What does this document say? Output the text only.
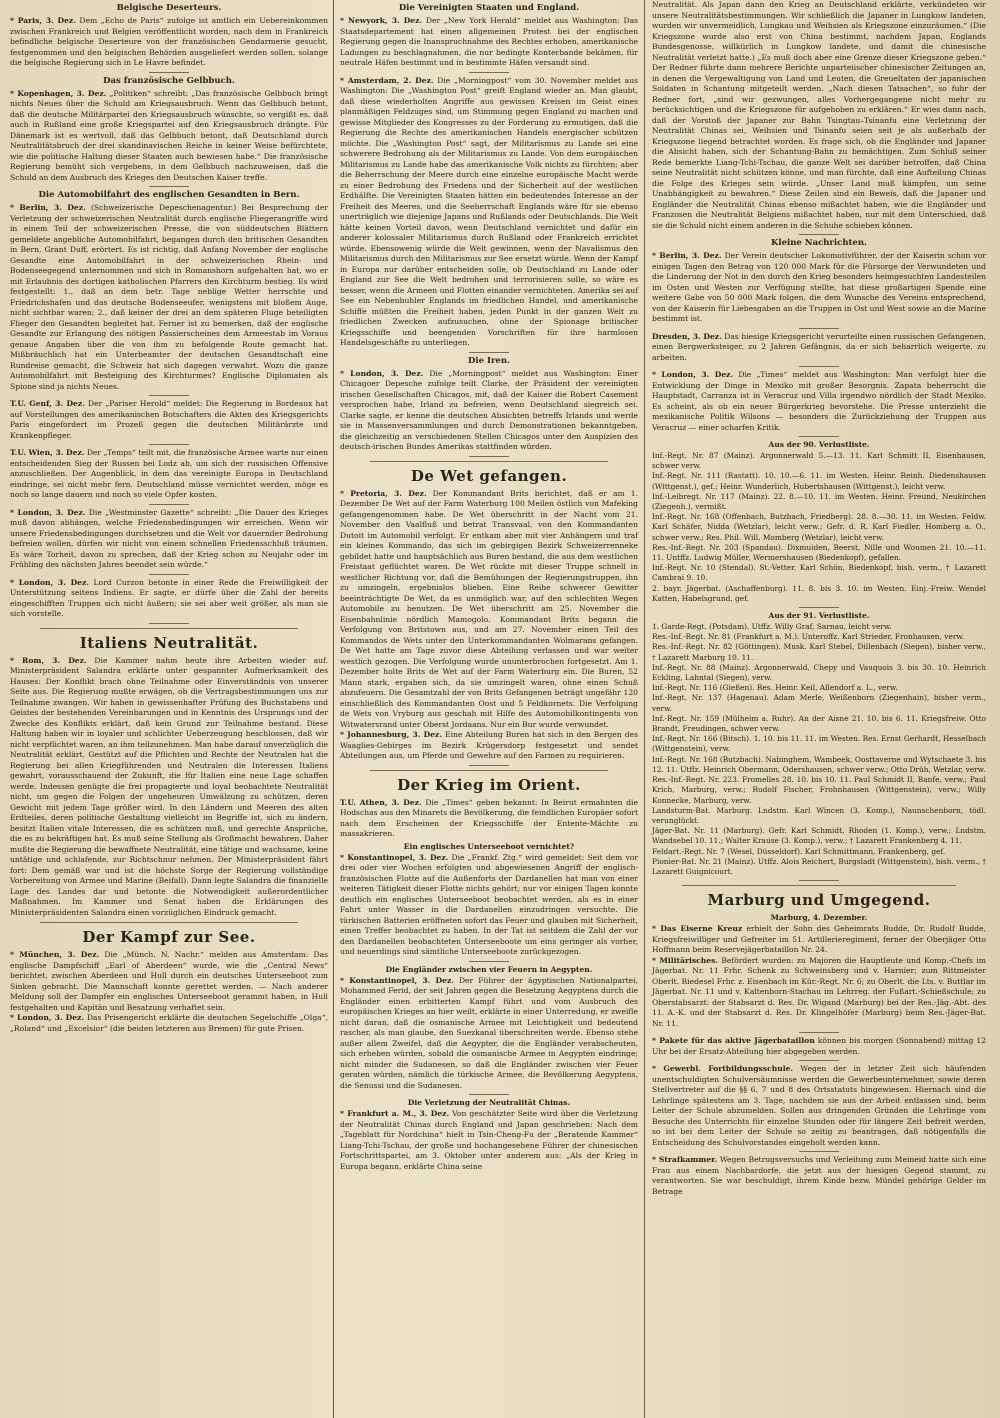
Belgische Deserteurs.

* Paris, 3. Dez. Dem „Echo de Paris“ zufolge ist amtlich ein Uebereinkommen zwischen Frankreich und Belgien veröffentlicht worden, nach dem in Frankreich befindliche belgische Deserteure von der französischen Gendarmerie gesucht, festgenommen und den belgischen Behörden ausgeliefert werden sollen, solange die belgische Regierung sich in Le Havre befindet.

Das französische Gelbbuch.

* Kopenhagen, 3. Dez. „Politiken“ schreibt: „Das französische Gelbbuch bringt nichts Neues über die Schuld am Kriegsausbruch. Wenn das Gelbbuch betont, daß die deutsche Militärpartei den Kriegsausbruch wünschte, so vergißt es, daß auch in Rußland eine große Kriegspartei auf den Kriegsausbruch drängte. Für Dänemark ist es wertvoll, daß das Gelbbuch betont, daß Deutschland durch Neutralitätsbruch der drei skandinavischen Reiche in keiner Weise befürchtete, wie die politische Haltung dieser Staaten auch bewiesen habe.“ Die französische Regierung bemüht sich vergebens, in dem Gelbbuch nachzuweisen, daß die Schuld an dem Ausbruch des Krieges den Deutschen Kaiser treffe.

Die Automobilfahrt des englischen Gesandten in Bern.

* Berlin, 3. Dez. (Schweizerische Depeschenagentur.) Bei Besprechung der Verletzung der schweizerischen Neutralität durch englische Fliegerangriffe wird in einem Teil der schweizerischen Presse, die von süddeutschen Blättern gemeldete angebliche Automobilfahrt, begangen durch den britischen Gesandten in Bern, Grant Duff, erörtert. Es ist richtig, daß Anfang November der englische Gesandte eine Automobilfahrt in der schweizerischen Rhein- und Bodenseegegend unternommen und sich in Romanshorn aufgehalten hat, wo er mit Erlaubnis des dortigen katholischen Pfarrers den Kirchturm bestieg. Es wird festgestellt: 1., daß an dem betr. Tage neblige Wetter herrschte und Friedrichshafen und das deutsche Bodenseeufer, wenigstens mit bloßem Auge, nicht sichtbar waren; 2., daß keiner der drei an dem späteren Fluge beteiligten Flieger den Gesandten begleitet hat. Ferner ist zu bemerken, daß der englische Gesandte zur Erlangung des nötigen Passierscheines dem Armeestab im Voraus genaue Angaben über die von ihm zu befolgende Route gemacht hat. Mißbräuchlich hat ein Unterbeamter der deutschen Gesandtschaft eine Rundreise gemacht, die Schweiz hat sich dagegen verwahrt. Wozu die ganze Automobilfahrt mit Besteigung des Kirchturmes? Englische Diplomaten als Spione sind ja nichts Neues.

T.U. Genf, 3. Dez. Der „Pariser Herold“ meldet: Die Regierung in Bordeaux hat auf Vorstellungen des amerikanischen Botschafters die Akten des Kriegsgerichts Paris eingefordert im Prozeß gegen die deutschen Militärärzte und Krankenpfleger.

T.U. Wien, 3. Dez. Der „Temps“ teilt mit, die französische Armee warte nur einen entscheidenden Sieg der Russen bei Lodz ab, um sich der russischen Offensive anzuschließen. Der Augenblick, in dem das vereinigte Europa in Deutschland eindringe, sei nicht mehr fern. Deutschland müsse vernichtet werden, möge es noch so lange dauern und noch so viele Opfer kosten.

* London, 3. Dez. Die „Westminster Gazette“ schreibt: „Die Dauer des Krieges muß davon abhängen, welche Friedensbedingungen wir erreichen. Wenn wir unsere Friedensbedingungen durchsetzen und die Welt vor dauernder Bedrohung befreien wollen, dürfen wir nicht von einem schnellen Friedensschluß träumen. Es wäre Torheit, davon zu sprechen, daß der Krieg schon zu Neujahr oder im Frühling des nächsten Jahres beendet sein würde.“

* London, 3. Dez. Lord Curzon betonte in einer Rede die Freiwilligkeit der Unterstützung seitens Indiens. Er sagte, er dürfe über die Zahl der bereits eingeschifften Truppen sich nicht äußern; sie sei aber weit größer, als man sie sich vorstelle.

Italiens Neutralität.

* Rom, 3. Dez. Die Kammer nahm heute ihre Arbeiten wieder auf. Ministerpräsident Salandra erklärte unter gespannter Aufmerksamkeit des Hauses: Der Konflikt brach ohne Teilnahme oder Einverständnis von unserer Seite aus. Die Regierung mußte erwägen, ob die Vertragsbestimmungen uns zur Teilnahme zwangen. Wir haben in gewissenhafter Prüfung des Buchstabens und Geistes der bestehenden Vereinbarungen und in Kenntnis des Ursprungs und der Zwecke des Konflikts erklärt, daß kein Grund zur Teilnahme bestand. Diese Haltung haben wir in loyaler und schlichter Ueberzeugung beschlossen, daß wir nicht verpflichtet waren, an ihm teilzunehmen. Man habe darauf unverzüglich die Neutralität erklärt. Gestützt auf die Pflichten und Rechte der Neutralen hat die Regierung bei allen Kriegführenden und Neutralen die Interessen Italiens gewahrt, vorausschauend der Zukunft, die für Italien eine neue Lage schaffen werde. Indessen genügte die frei propagierte und loyal beobachtete Neutralität nicht, um gegen die Folgen der ungeheuren Umwälzung zu schützen, deren Gewicht mit jedem Tage größer wird. In den Ländern und Meeren des alten Erdteiles, deren politische Gestaltung vielleicht im Begriffe ist, sich zu ändern, besitzt Italien vitale Interessen, die es schützen muß, und gerechte Ansprüche, die es zu bekräftigen hat. Es muß seine Stellung als Großmacht bewahren. Daher mußte die Regierung die bewaffnete Neutralität, eine tätige und wachsame, keine untätige und schlafende, zur Richtschnur nehmen. Der Ministerpräsident fährt fort: Dem gemäß war und ist die höchste Sorge der Regierung vollständige Vorbereitung von Armee und Marine (Beifall). Dann legte Salandra die finanzielle Lage des Landes dar und betonte die Notwendigkeit außerordentlicher Maßnahmen. Im Kammer und Senat haben die Erklärungen des Ministerpräsidenten Salandra einen vorzüglichen Eindruck gemacht.

Der Kampf zur See.

* München, 3. Dez. Die „Münch. N. Nachr.“ melden aus Amsterdam: Das englische Dampfschiff „Earl of Aberdeen“ wurde, wie die „Central News“ berichtet, zwischen Aberdeen und Hull durch ein deutsches Unterseeboot zum Sinken gebracht. Die Mannschaft konnte gerettet werden. — Nach anderer Meldung soll der Dampfer ein englisches Unterseeboot gerammt haben, in Hull festgehalten und Kapitän und Besatzung verhaftet sein.

* London, 3. Dez. Das Prisengericht erklärte die deutschen Segelschiffe „Olga“, „Roland“ und „Excelsior“ (die beiden letzteren aus Bremen) für gute Prisen.

Die Vereinigten Staaten und England.

* Newyork, 3. Dez. Der „New York Herald“ meldet aus Washington: Das Staatsdepartement hat einen allgemeinen Protest bei der englischen Regierung gegen die Inanspruchnahme des Rechtes erhoben, amerikanische Ladungen zu beschlagnahmen, die nur bedingte Konterbande bekämen, für neutrale Häfen bestimmt und in bestimmte Häfen versandt sind.

* Amsterdam, 2. Dez. Die „Morningpost“ vom 30. November meldet aus Washington: Die „Washington Post“ greift England wieder an. Man glaubt, daß diese wiederholten Angriffe aus gewissen Kreisen im Geist eines planmäßigen Feldzuges sind, um Stimmung gegen England zu machen und gewisse Mitglieder des Kongresses zu der Forderung zu ermutigen, daß die Regierung die Rechte des amerikanischen Handels energischer schützen möchte. Die „Washington Post“ sagt, der Militarismus zu Lande sei eine schwerere Bedrohung als der Militarismus zu Lande. Von dem europäischen Militarismus zu Lande habe das amerikanische Volk nichts zu fürchten; aber die Beherrschung der Meere durch eine einzelne europäische Macht werde zu einer Bedrohung des Friedens und der Sicherheit auf der westlichen Erdhälfte. Die Vereinigten Staaten hätten ein bedeutendes Interesse an der Freiheit des Meeres, und die Seeherrschaft Englands wäre für sie ebenso unerträglich wie diejenige Japans und Rußlands oder Deutschlands. Die Welt hätte keinen Vorteil davon, wenn Deutschland vernichtet und dafür ein anderer kolossaler Militarismus durch Rußland oder Frankreich errichtet würde. Ebensowenig würde die Welt gewinnen, wenn der Navalismus den Militarismus durch den Militarismus zur See ersetzt würde. Wenn der Kampf in Europa nur darüber entscheiden solle, ob Deutschland zu Lande oder England zur See die Welt bedrohen und terrorisieren solle, so wäre es besser, wenn die Armeen und Flotten einander vernichteten. Amerika sei auf See ein Nebenbuhler Englands im friedlichen Handel, und amerikanische Schiffe müßten die Freiheit haben, jeden Punkt in der ganzen Welt zu friedlichen Zwecken aufzusuchen, ohne der Spionage britischer Kriegsschiffe und beengenden Vorschriften für ihre harmlosen Handelsgeschäfte zu unterliegen.

Die Iren.

* London, 3. Dez. Die „Morningpost“ meldet aus Washington: Einer Chicagoer Depesche zufolge teilt Clarke, der Präsident der vereinigten irischen Gesellschaften Chicagos, mit, daß der Kaiser die Robert Casement versprochen habe, Irland zu befreien, wenn Deutschland siegreich sei. Clarke sagte, er kenne die deutschen Absichten betreffs Irlands und werde sie in Massenversammlungen und durch Demonstrationen bekanntgeben, die gleichzeitig an verschiedenen Stellen Chicagos unter den Auspizien des deutsch-irischen Bundes Amerikas stattfinden würden.

De Wet gefangen.

* Pretoria, 3. Dez. Der Kommandant Brits berichtet, daß er am 1. Dezember De Wet auf der Farm Waterburg 100 Meilen östlich von Mafeking gefangengenommen habe. De Wet überschritt in der Nacht vom 21. November den Vaalfluß und betrat Transvaal, von den Kommandanten Dutoit im Automobil verfolgt. Er entkam aber mit vier Anhängern und traf ein kleines Kommando, das sich im gebirgigen Bezirk Schweizerrenneke gebildet hatte und hauptsächlich aus Buren bestand, die aus dem westlichen Freistaat geflüchtet waren. De Wet rückte mit dieser Truppe schnell in westlicher Richtung vor, daß die Bemühungen der Regierungstruppen, ihn zu umzingeln, ergebnislos blieben. Eine Reihe schwerer Gewitter beeinträchtigte De Wet, da es unmöglich war, auf den schlechten Wegen Automobile zu benutzen. De Wet überschritt am 25. November die Eisenbahnlinie nördlich Mamogolo. Kommandant Brits begann die Verfolgung von Britstown aus, und am 27. November einen Teil des Kommandos de Wets unter den Unterkommandanten Wolmarans gefangen. De Wet hatte am Tage zuvor diese Abteilung verlassen und war weiter westlich gezogen. Die Verfolgung wurde ununterbrochen fortgesetzt. Am 1. Dezember holte Brits de Wet auf der Farm Waterburg ein. Die Buren, 52 Mann stark, ergaben sich, da sie umzingelt waren, ohne einen Schuß abzufeuern. Die Gesamtzahl der von Brits Gefangenen beträgt ungefähr 120 einschließlich des Kommandanten Oost und 5 Feldkornets. Die Verfolgung de Wets von Vryburg aus geschah mit Hilfe des Automobilkontingents von Witwatersrand unter Oberst Jordaans. Nur ein Bur wurde verwundet.

* Johannesburg, 3. Dez. Eine Abteilung Buren hat sich in den Bergen des Waaglies-Gebirges im Bezirk Krügersdorp festgesetzt und sendet Abteilungen aus, um Pferde und Gewehre auf den Farmen zu requirieren.

Der Krieg im Orient.

T.U. Athen, 3. Dez. Die „Times“ geben bekannt: In Beirut ermahnten die Hodschas aus den Minarets die Bevölkerung, die feindlichen Europäer sofort nach dem Erscheinen der Kriegsschiffe der Entente-Mächte zu massakrieren.

Ein englisches Unterseeboot vernichtet?

* Konstantinopel, 3. Dez. Die „Frankf. Ztg.“ wird gemeldet: Seit dem vor drei oder vier Wochen erfolgten und abgewiesenen Angriff der englisch-französischen Flotte auf die Außenforts der Dardanellen hat man von einer weiteren Tätigkeit dieser Flotte nichts gehört; nur vor einigen Tagen konnte deutlich ein englisches Unterseeboot beobachtet werden, als es in einer Fahrt unter Wasser in die Dardanellen einzudringen versuchte. Die türkischen Batterien eröffneten sofort das Feuer und glauben mit Sicherheit, einen Treffer beobachtet zu haben. In der Tat ist seitdem die Zahl der vor den Dardanellen beobachteten Unterseeboote um eins geringer als vorher, und neuerdings sind sämtliche Unterseeboote zurückgezogen.

Die Engländer zwischen vier Feuern in Aegypten.

* Konstantinopel, 3. Dez. Der Führer der ägyptischen Nationalpartei, Mohammed Ferid, der seit Jahren gegen die Besetzung Aegyptens durch die Engländer einen erbitterten Kampf führt und vom Ausbruch des europäischen Krieges an hier weilt, erklärte in einer Unterredung, er zweifle nicht daran, daß die osmanische Armee mit Leichtigkeit und bedeutend rascher, als man glaube, den Suezkanal überschreiten werde. Ebenso stehe außer allem Zweifel, daß die Aegypter, die die Engländer verabscheuten, sich erheben würden, sobald die osmanische Armee in Aegypten eindringe; nicht minder die Sudanesen, so daß die Engländer zwischen vier Feuer geraten würden, nämlich die türkische Armee, die Bevölkerung Aegyptens, die Senussi und die Sudanesen.

Die Verletzung der Neutralität Chinas.

* Frankfurt a. M., 3. Dez. Von geschätzter Seite wird über die Verletzung der Neutralität Chinas durch England und Japan geschrieben: Nach dem „Tageblatt für Nordchina“ hielt in Tsin-Cheng-Fu der „Beratende Kammer“ Liang-Tchi-Tschau, der große und hochangesehene Führer der chinesischen Fortschrittspartei, am 3. Oktober unter anderem aus: „Als der Krieg in Europa begann, erklärte China seine

Neutralität. Als Japan dann den Krieg an Deutschland erklärte, verkündeten wir unsere Neutralitätsbestimmungen. Wir schließlich die Japaner in Lungkow landeten, wurden wir unvermeidlich, Lungkau und Weihsien als Kriegszone einzuräumen.“ (Die Kriegszone wurde also erst von China bestimmt, nachdem Japan, Englands Bundesgenosse, willkürlich in Lungkow landete, und damit die chinesische Neutralität verletzt hatte.) „Es muß doch aber eine Grenze dieser Kriegszone geben.“ Der Redner führte dann mehrere Berichte unparteiischer chinesischer Zeitungen an, in denen die Vergewaltigung von Land und Leuten, die Greueltaten der japanischen Soldaten in Schantung mitgeteilt werden. „Nach diesen Tatsachen“, so fuhr der Redner fort, „sind wir gezwungen, alles Vorhergegangene nicht mehr zu berücksichtigen und die Kriegszone für aufgehoben zu erklären.“ Er wies dann nach, daß der Vorstoß der Japaner zur Bahn Tsingtau–Tsinanfu eine Verletzung der Neutralität Chinas sei, Weihsien und Tsinanfu seien seit je als außerhalb der Kriegszone liegend betrachtet worden. Es frage sich, ob die Engländer und Japaner die Absicht haben, sich der Schantung-Bahn zu bemächtigen. Zum Schluß seiner Rede bemerkte Liang-Tchi-Tschau, die ganze Welt sei darüber betroffen, daß China seine Neutralität nicht schützen könne, und man fürchte, daß eine Aufteilung Chinas die Folge des Krieges sein würde. „Unser Land muß kämpfen, um seine Unabhängigkeit zu bewahren.“ Diese Zeilen sind ein Beweis, daß die Japaner und Engländer die Neutralität Chinas ebenso mißachtet haben, wie die Engländer und Franzosen die Neutralität Belgiens mißachtet haben, nur mit dem Unterschied, daß sie die Schuld nicht einem anderen in die Schuhe schieben können.

Kleine Nachrichten.

* Berlin, 3. Dez. Der Verein deutscher Lokomotivführer, der der Kaiserin schon vor einigen Tagen den Betrag von 120 000 Mark für die Fürsorge der Verwundeten und die Linderung der Not in den durch den Krieg besonders heimgesuchten Landesteilen im Osten und Westen zur Verfügung stellte, hat diese großartigen Spende eine weitere Gabe von 50 000 Mark folgen, die dem Wunsche des Vereins entsprechend, von der Kaiserin für Liebesgaben an die Truppen in Ost und West sowie an die Marine bestimmt ist.

Dresden, 3. Dez. Das hiesige Kriegsgericht verurteilte einen russischen Gefangenen, einen Bergwerksteiger, zu 2 Jahren Gefängnis, da er sich beharrlich weigerte, zu arbeiten.

* London, 3. Dez. Die „Times“ meldet aus Washington: Man verfolgt hier die Entwicklung der Dinge in Mexiko mit großer Besorgnis. Zapata beherrscht die Hauptstadt, Carranza ist in Veracruz und Villa irgendwo nördlich der Stadt Mexiko. Es scheint, als ob ein neuer Bürgerkrieg bevorstehe. Die Presse unterzieht die mexikanische Politik Wilsons — besonders die Zurückziehung der Truppen aus Veracruz — einer scharfen Kritik.

Aus der 90. Verlustliste.
Inf.-Regt. Nr. 87 (Mainz). Argonnerwald 5.—13. 11. Karl Schmitt II, Eisenhausen, schwer verw.
Inf.-Regt. Nr. 111 (Rastatt). 10. 10.—6. 11. im Westen. Heinr. Reinh. Diedenshausen (Wittgenst.), gef.; Heinr. Wunderlich, Hubertshausen (Wittgenst.), leicht verw.
Inf.-Leibregt. Nr. 117 (Mainz). 22. 8.—10. 11. im Westen. Heinr. Freund, Neukirchen (Ziegenh.), vermißt.
Inf.-Regt. Nr. 168 (Offenbach, Butzbach, Friedberg). 28. 8.—30. 11. im Westen. Feldw. Karl Schäfer, Nidda (Wetzlar), leicht verw.; Gefr. d. R. Karl Fiedler, Homberg a. O., schwer verw.; Res. Phil. Will, Momberg (Wetzlar), leicht verw.
Res.-Inf.-Regt. Nr. 203 (Spandau). Dixmuiden, Beerst, Nille und Woumen 21. 10.—11. 11. Untffz. Ludwig Müller, Wermershausen (Biedenkopf), gefallen.
Inf.-Regt. Nr. 10 (Stendal). St.-Vetter. Karl Schön, Biedenkopf, bish. verm., † Lazarett Cambrai 9. 10.
2. bayr. Jägerbat. (Aschaffenburg). 11. 8. bis 3. 10. im Westen. Einj.-Freiw. Wendel Katten, Habelsgrund, gef.
Aus der 91. Verlustliste.
1. Garde-Regt. (Potsdam). Utffz. Willy Graf, Sarnau, leicht verw.
Res.-Inf.-Regt. Nr. 81 (Frankfurt a. M.). Unteroffz. Karl Strieder, Fronhausen, verw.
Res.-Inf.-Regt. Nr. 82 (Göttingen). Musk. Karl Stebel, Dillenbach (Siegen), bisher verw., † Lazarett Marburg 10. 11.
Inf.-Regt. Nr. 88 (Mainz). Argonnerwald, Chepy und Vauquois 3. bis 30. 10. Heinrich Eckling, Lahntal (Siegen), verw.
Inf.-Regt. Nr. 116 (Gießen). Res. Heinr. Keil, Allendorf a. L., verw.
Inf.-Regt. Nr. 137 (Hagenau). Adam Merle, Weißenborn (Ziegenhain), bisher verm., verw.
Inf.-Regt. Nr. 159 (Mülheim a. Ruhr). An der Aisne 21. 10. bis 6. 11. Kriegsfreiw. Otto Brandt, Freudingen, schwer verw.
Inf.-Regt. Nr. 166 (Bitsch). 1. 10. bis 11. 11. im Westen. Res. Ernst Gerhardt, Hesselbach (Wittgenstein), verw.
Inf.-Regt. Nr. 168 (Butzbach). Nabinghem, Wambeek, Oosttaverne und Wytschaete 3. bis 12. 11. Utffz. Heinrich Obermann, Odershausen, schwer verw.; Otto Drüh, Wetzlar, verw.
Res.-Inf.-Regt. Nr. 223. Fromelles 28. 10. bis 10. 11. Paul Schmidt II, Banfe, verw.; Paul Krich, Marburg, verw.; Rudolf Fischer, Frohnhausen (Wittgenstein), verw.; Willy Konnecke, Marburg, verw.
Landsturm-Bat. Marburg. Lndstm. Karl Wincen (3. Komp.), Naunschenborn, tödl. verunglückt.
Jäger-Bat. Nr. 11 (Marburg). Gefr. Karl Schmidt, Rhoden (1. Komp.), verw.; Lndstm. Wandsebel 10. 11.; Walter Krause (3. Komp.), verw.; † Lazarett Frankenberg 4. 11.
Feldart.-Regt. Nr. 7 (Wesel, Düsseldorf). Karl Schmittmann, Frankenberg, gef.
Pionier-Bat. Nr. 21 (Mainz). Utffz. Alois Reichert, Burgsladt (Wittgenstein), bish. verm., † Lazarett Guignicourt.
Marburg und Umgegend.
Marburg, 4. Dezember.

* Das Eiserne Kreuz erhielt der Sohn des Geheimrats Budde, Dr. Rudolf Budde, Kriegsfreiwilliger und Gefreiter im 51. Artillerieregiment, ferner der Oberjäger Otto Hoffmann beim Reservejägerbataillon Nr. 24.

* Militärisches. Befördert wurden: zu Majoren die Hauptleute und Komp.-Chefs im Jägerbat. Nr. 11 Frhr. Schenk zu Schweinsberg und v. Harnier; zum Rittmeister Oberlt. Riedesel Frhr. z. Eisenbach im Kür.-Regt. Nr. 6; zu Oberlt. die Lts. v. Buttlar im Jägerbat. Nr. 11 und v. Kaltenborn-Stachau im Lehrreg. der Fußart.-Schießschule; zu Oberstabsarzt: der Stabsarzt d. Res. Dr. Wigand (Marburg) bei der Res.-Jäg.-Abt. des 11. A.-K. und der Stabsarzt d. Res. Dr. Klingelhöfer (Marburg) beim Res.-Jäger-Bat. Nr. 11.

* Pakete für das aktive Jägerbataillon können bis morgen (Sonnabend) mittag 12 Uhr bei der Ersatz-Abteilung hier abgegeben werden.

* Gewerbl. Fortbildungsschule. Wegen der in letzter Zeit sich häufenden unentschuldigten Schulversäumnisse werden die Gewerbeunternehmer, sowie deren Stellvertreter auf die §§ 6, 7 und 8 des Ortsstatuts hingewiesen. Hiernach sind die Lehrlinge spätestens am 3. Tage, nachdem sie aus der Arbeit entlassen sind, beim Leiter der Schule abzumelden. Sollen aus dringenden Gründen die Lehrlinge vom Besuche des Unterrichts für einzelne Stunden oder für längere Zeit befreit werden, so ist bei dem Leiter der Schule so zeitig zu beantragen, daß nötigenfalls die Entscheidung des Schulvorstandes eingeholt werden kann.

* Strafkammer. Wegen Betrugsversuchs und Verleitung zum Meineid hatte sich eine Frau aus einem Nachbardorfe, die jetzt aus der hiesigen Gegend stammt, zu verantworten. Sie war beschuldigt, ihrem Kinde bezw. Mündel gehörige Gelder im Betrage
